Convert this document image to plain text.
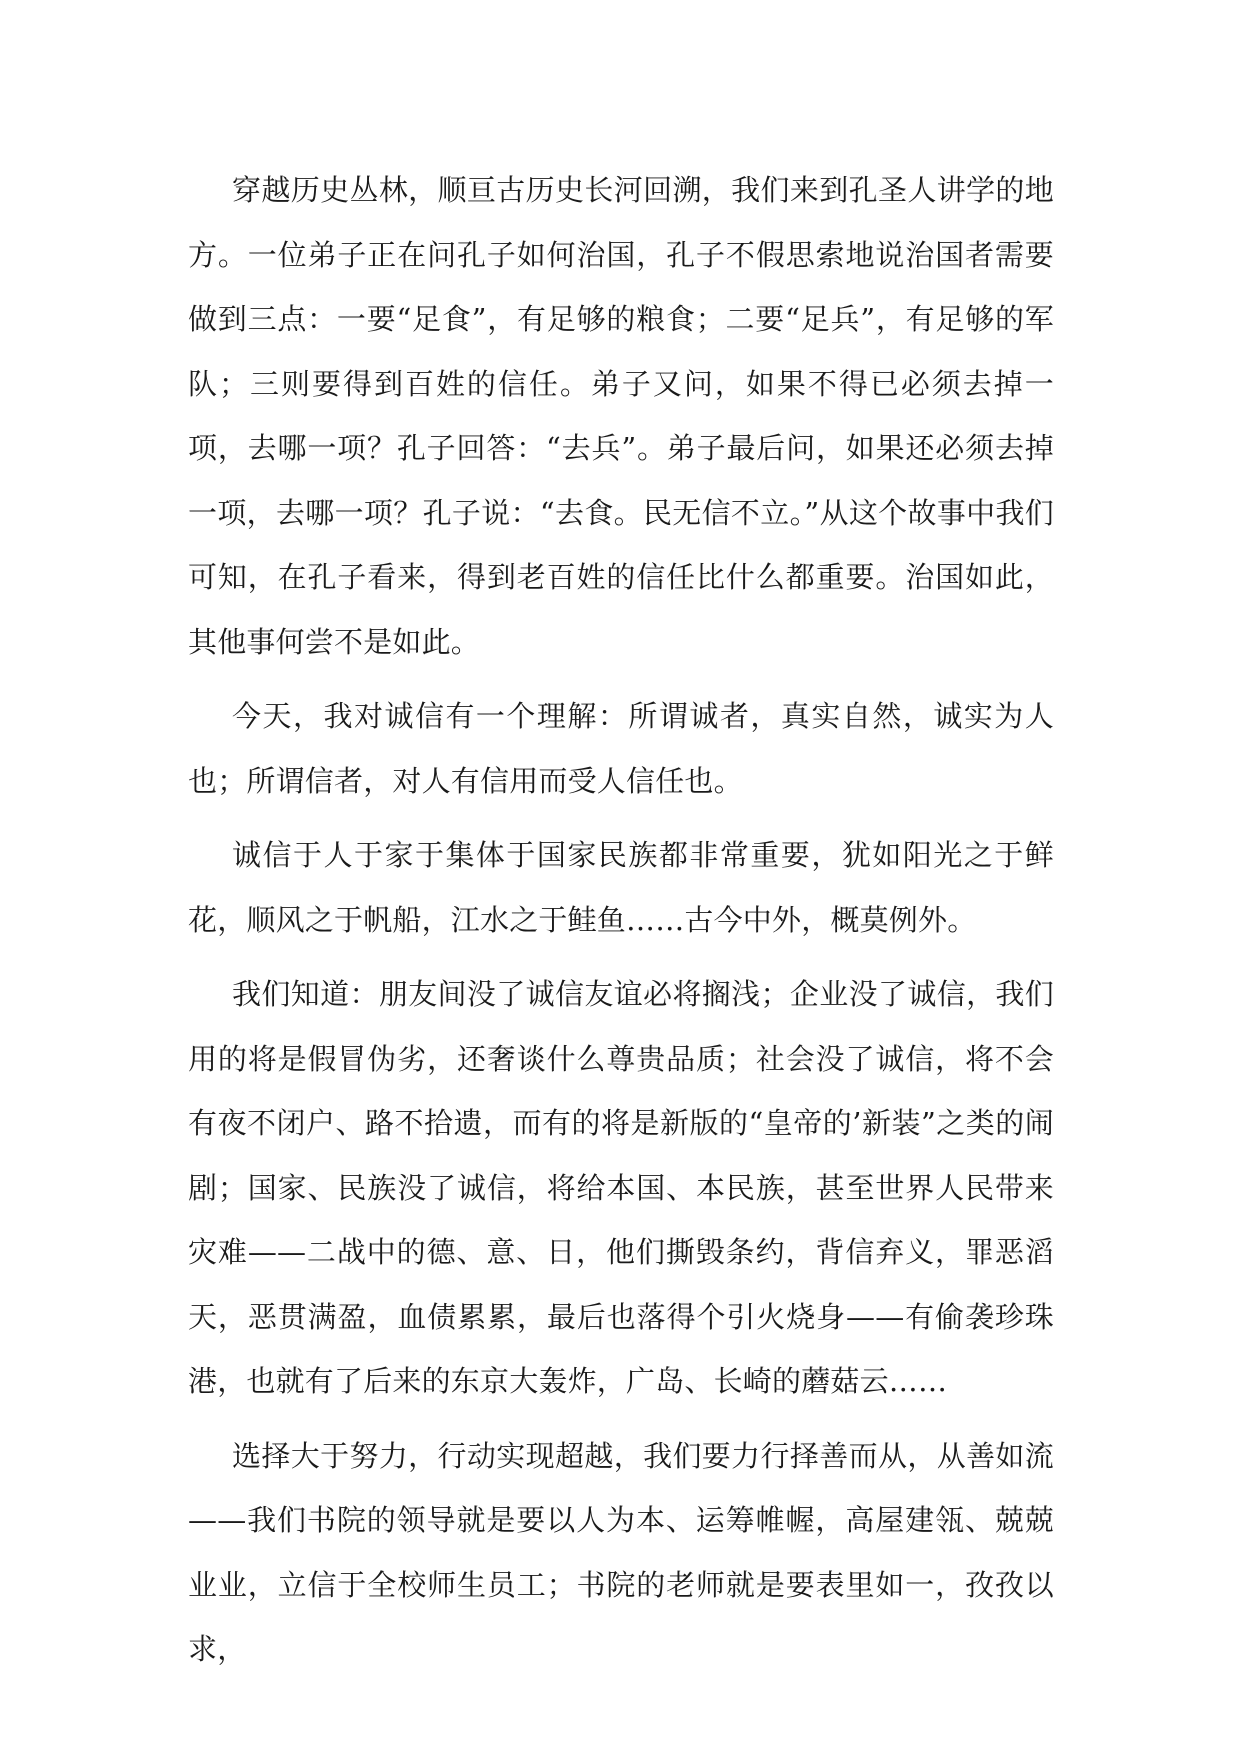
穿越历史丛林，顺亘古历史长河回溯，我们来到孔圣人讲学的地方。一位弟子正在问孔子如何治国，孔子不假思索地说治国者需要做到三点：一要“足食”，有足够的粮食；二要“足兵”，有足够的军队；三则要得到百姓的信任。弟子又问，如果不得已必须去掉一项，去哪一项？孔子回答：“去兵”。弟子最后问，如果还必须去掉一项，去哪一项？孔子说：“去食。民无信不立。”从这个故事中我们可知，在孔子看来，得到老百姓的信任比什么都重要。治国如此，其他事何尝不是如此。

今天，我对诚信有一个理解：所谓诚者，真实自然，诚实为人也；所谓信者，对人有信用而受人信任也。

诚信于人于家于集体于国家民族都非常重要，犹如阳光之于鲜花，顺风之于帆船，江水之于鲑鱼……古今中外，概莫例外。

我们知道：朋友间没了诚信友谊必将搁浅；企业没了诚信，我们用的将是假冒伪劣，还奢谈什么尊贵品质；社会没了诚信，将不会有夜不闭户、路不拾遗，而有的将是新版的“皇帝的’新装”之类的闹剧；国家、民族没了诚信，将给本国、本民族，甚至世界人民带来灾难——二战中的德、意、日，他们撕毁条约，背信弃义，罪恶滔天，恶贯满盈，血债累累，最后也落得个引火烧身——有偷袭珍珠港，也就有了后来的东京大轰炸，广岛、长崎的蘑菇云……

选择大于努力，行动实现超越，我们要力行择善而从，从善如流——我们书院的领导就是要以人为本、运筹帷幄，高屋建瓴、兢兢业业，立信于全校师生员工；书院的老师就是要表里如一，孜孜以求，
